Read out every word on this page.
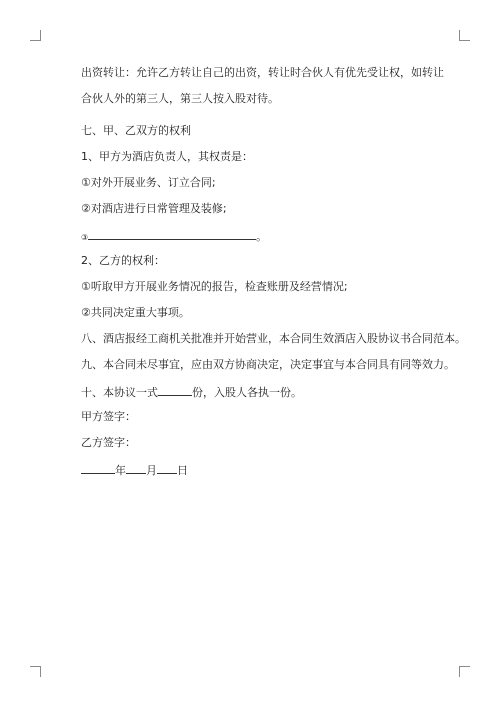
出资转让：允许乙方转让自己的出资，转让时合伙人有优先受让权，如转让合伙人外的第三人，第三人按入股对待。
七、甲、乙双方的权利
1、甲方为酒店负责人，其权责是：
①对外开展业务、订立合同;
②对酒店进行日常管理及装修;
③	。
2、乙方的权利：
①听取甲方开展业务情况的报告，检查账册及经营情况;
②共同决定重大事项。
八、酒店报经工商机关批准并开始营业，本合同生效酒店入股协议书合同范本。
九、本合同未尽事宜，应由双方协商决定，决定事宜与本合同具有同等效力。
十、本协议一式	份，入股人各执一份。
甲方签字：
乙方签字：
年 月 日
